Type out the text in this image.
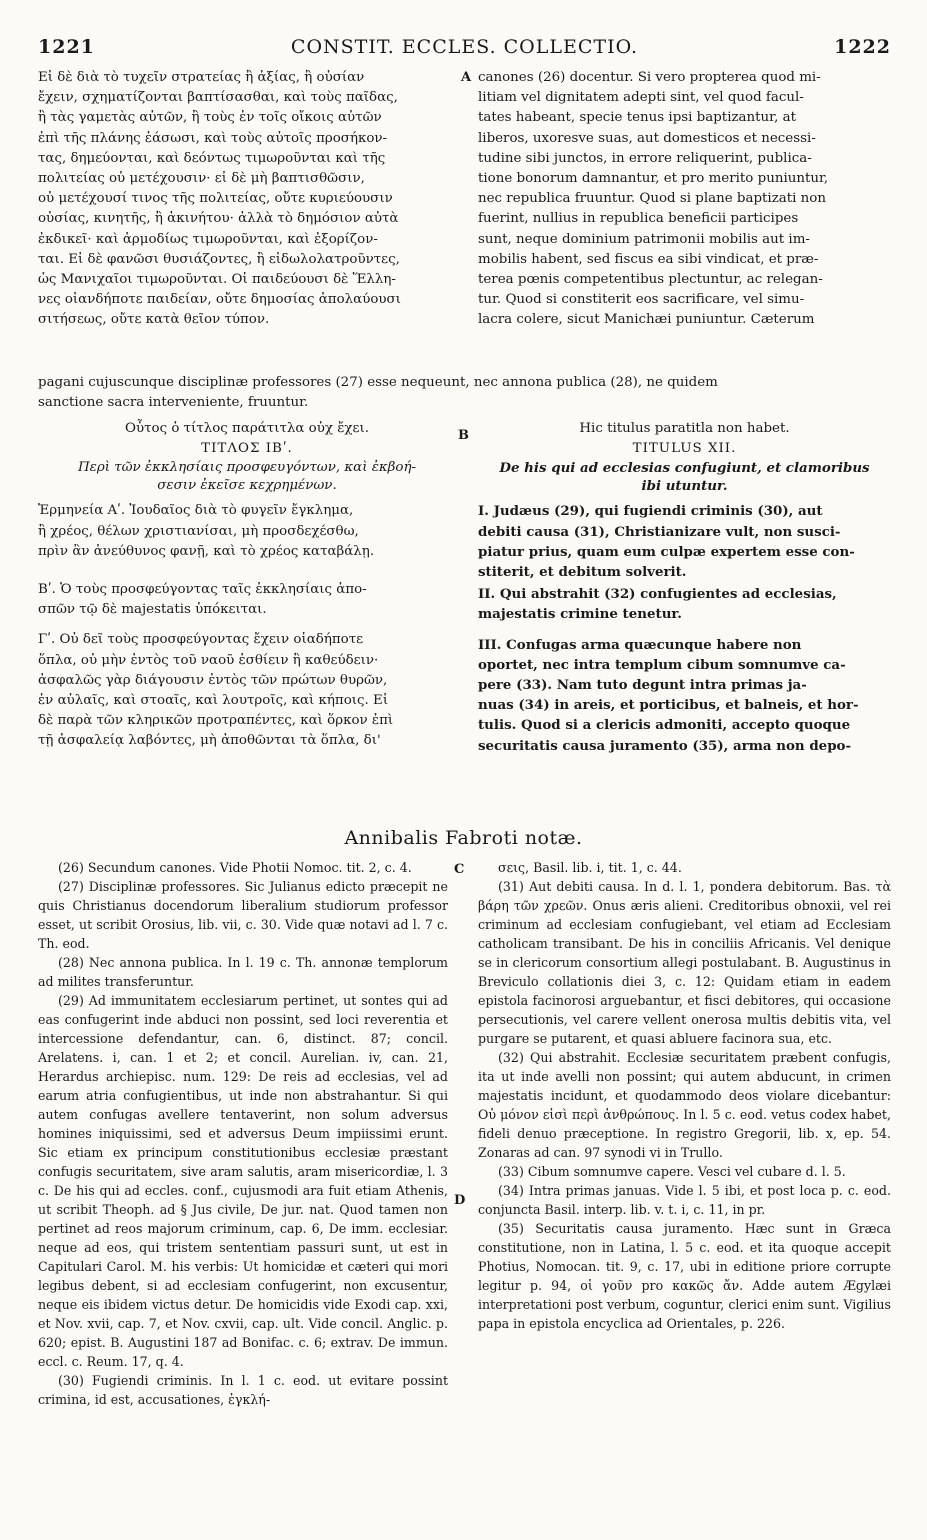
1221	CONSTIT. ECCLES. COLLECTIO.	1222

Εἰ δὲ διὰ τὸ τυχεῖν στρατείας ἢ ἀξίας, ἢ οὐσίαν

ἔχειν, σχηματίζονται βαπτίσασθαι, καὶ τοὺς παῖδας,

ἢ τὰς γαμετὰς αὐτῶν, ἢ τοὺς ἐν τοῖς οἴκοις αὐτῶν

ἐπὶ τῆς πλάνης ἐάσωσι, καὶ τοὺς αὐτοῖς προσήκον-

τας, δημεύονται, καὶ δεόντως τιμωροῦνται καὶ τῆς

πολιτείας οὐ μετέχουσιν· εἰ δὲ μὴ βαπτισθῶσιν,

οὐ μετέχουσί τινος τῆς πολιτείας, οὔτε κυριεύουσιν

οὐσίας, κινητῆς, ἢ ἀκινήτου· ἀλλὰ τὸ δημόσιον αὐτὰ

ἐκδικεῖ· καὶ ἁρμοδίως τιμωροῦνται, καὶ ἐξορίζον-

ται. Εἰ δὲ φανῶσι θυσιάζοντες, ἢ εἰδωλολατροῦντες,

ὡς Μανιχαῖοι τιμωροῦνται. Οἱ παιδεύουσι δὲ Ἕλλη-

νες οἱανδήποτε παιδείαν, οὔτε δημοσίας ἀπολαύουσι

σιτήσεως, οὔτε κατὰ θεῖον τύπον.

A canones (26) docentur. Si vero propterea quod mi-

litiam vel dignitatem adepti sint, vel quod facul-

tates habeant, specie tenus ipsi baptizantur, at

liberos, uxoresve suas, aut domesticos et necessi-

tudine sibi junctos, in errore reliquerint, publica-

tione bonorum damnantur, et pro merito puniuntur,

nec republica fruuntur. Quod si plane baptizati non

fuerint, nullius in republica beneficii participes

sunt, neque dominium patrimonii mobilis aut im-

mobilis habent, sed fiscus ea sibi vindicat, et præ-

terea pœnis competentibus plectuntur, ac relegan-

tur. Quod si constiterit eos sacrificare, vel simu-

lacra colere, sicut Manichæi puniuntur. Cæterum

pagani cujuscunque disciplinæ professores (27) esse nequeunt, nec annona publica (28), ne quidem
sanctione sacra interveniente, fruuntur.

Οὗτος ὁ τίτλος παράτιτλα οὐχ ἔχει.

ΤΙΤΛΟΣ ΙΒʹ.

Περὶ τῶν ἐκκλησίαις προσφευγόντων, καὶ ἐκβοή-

σεσιν ἐκεῖσε κεχρημένων.

Ἑρμηνεία Αʹ. Ἰουδαῖος διὰ τὸ φυγεῖν ἔγκλημα,

ἢ χρέος, θέλων χριστιανίσαι, μὴ προσδεχέσθω,

πρὶν ἂν ἀνεύθυνος φανῇ, καὶ τὸ χρέος καταβάλῃ.

Βʹ. Ὁ τοὺς προσφεύγοντας ταῖς ἐκκλησίαις ἀπο-

σπῶν τῷ δὲ majestatis ὑπόκειται.

Γʹ. Οὐ δεῖ τοὺς προσφεύγοντας ἔχειν οἱαδήποτε

ὅπλα, οὐ μὴν ἐντὸς τοῦ ναοῦ ἐσθίειν ἢ καθεύδειν·

ἀσφαλῶς γὰρ διάγουσιν ἐντὸς τῶν πρώτων θυρῶν,

ἐν αὐλαῖς, καὶ στοαῖς, καὶ λουτροῖς, καὶ κήποις. Εἰ

δὲ παρὰ τῶν κληρικῶν προτραπέντες, καὶ ὅρκον ἐπὶ

τῇ ἀσφαλείᾳ λαβόντες, μὴ ἀποθῶνται τὰ ὅπλα, δι'

B	Hic titulus paratitla non habet.

TITULUS XII.

De his qui ad ecclesias confugiunt, et clamoribus

ibi utuntur.

I. Judæus (29), qui fugiendi criminis (30), aut

debiti causa (31), Christianizare vult, non susci-

piatur prius, quam eum culpæ expertem esse con-

stiterit, et debitum solverit.

II. Qui abstrahit (32) confugientes ad ecclesias,

majestatis crimine tenetur.

III. Confugas arma quæcunque habere non

oportet, nec intra templum cibum somnumve ca-

pere (33). Nam tuto degunt intra primas ja-

nuas (34) in areis, et porticibus, et balneis, et hor-

tulis. Quod si a clericis admoniti, accepto quoque

securitatis causa juramento (35), arma non depo-

Annibalis Fabroti notæ.

(26) Secundum canones. Vide Photii Nomoc. tit. 2, c. 4.

(27) Disciplinæ professores. Sic Julianus edicto præcepit ne quis Christianus docendorum liberalium studiorum professor esset, ut scribit Orosius, lib. vii, c. 30. Vide quæ notavi ad l. 7 c. Th. eod.

(28) Nec annona publica. In l. 19 c. Th. annonæ templorum ad milites transferuntur.

(29) Ad immunitatem ecclesiarum pertinet, ut sontes qui ad eas confugerint inde abduci non possint, sed loci reverentia et intercessione defendantur, can. 6, distinct. 87; concil. Arelatens. i, can. 1 et 2; et concil. Aurelian. iv, can. 21, Herardus archiepisc. num. 129: De reis ad ecclesias, vel ad earum atria confugientibus, ut inde non abstrahantur. Si qui autem confugas avellere tentaverint, non solum adversus homines iniquissimi, sed et adversus Deum impiissimi erunt. Sic etiam ex principum constitutionibus ecclesiæ præstant confugis securitatem, sive aram salutis, aram misericordiæ, l. 3 c. De his qui ad eccles. conf., cujusmodi ara fuit etiam Athenis, ut scribit Theoph. ad § Jus civile, De jur. nat. Quod tamen non pertinet ad reos majorum criminum, cap. 6, De imm. ecclesiar. neque ad eos, qui tristem sententiam passuri sunt, ut est in Capitulari Carol. M. his verbis: Ut homicidæ et cæteri qui mori legibus debent, si ad ecclesiam confugerint, non excusentur, neque eis ibidem victus detur. De homicidis vide Exodi cap. xxi, et Nov. xvii, cap. 7, et Nov. cxvii, cap. ult. Vide concil. Anglic. p. 620; epist. B. Augustini 187 ad Bonifac. c. 6; extrav. De immun. eccl. c. Reum. 17, q. 4.

(30) Fugiendi criminis. In l. 1 c. eod. ut evitare possint crimina, id est, accusationes, ἐγκλή-

C
D

σεις, Basil. lib. i, tit. 1, c. 44.

(31) Aut debiti causa. In d. l. 1, pondera debitorum. Bas. τὰ βάρη τῶν χρεῶν. Onus æris alieni. Creditoribus obnoxii, vel rei criminum ad ecclesiam confugiebant, vel etiam ad Ecclesiam catholicam transibant. De his in conciliis Africanis. Vel denique se in clericorum consortium allegi postulabant. B. Augustinus in Breviculo collationis diei 3, c. 12: Quidam etiam in eadem epistola facinorosi arguebantur, et fisci debitores, qui occasione persecutionis, vel carere vellent onerosa multis debitis vita, vel purgare se putarent, et quasi abluere facinora sua, etc.

(32) Qui abstrahit. Ecclesiæ securitatem præbent confugis, ita ut inde avelli non possint; qui autem abducunt, in crimen majestatis incidunt, et quodammodo deos violare dicebantur: Οὐ μόνον εἰσὶ περὶ ἀνθρώπους. In l. 5 c. eod. vetus codex habet, fideli denuo præceptione. In registro Gregorii, lib. x, ep. 54. Zonaras ad can. 97 synodi vi in Trullo.

(33) Cibum somnumve capere. Vesci vel cubare d. l. 5.

(34) Intra primas januas. Vide l. 5 ibi, et post loca p. c. eod. conjuncta Basil. interp. lib. v. t. i, c. 11, in pr.

(35) Securitatis causa juramento. Hæc sunt in Græca constitutione, non in Latina, l. 5 c. eod. et ita quoque accepit Photius, Nomocan. tit. 9, c. 17, ubi in editione priore corrupte legitur p. 94, οἱ γοῦν pro κακῶς ἄν. Adde autem Ægylæi interpretationi post verbum, coguntur, clerici enim sunt. Vigilius papa in epistola encyclica ad Orientales, p. 226.
